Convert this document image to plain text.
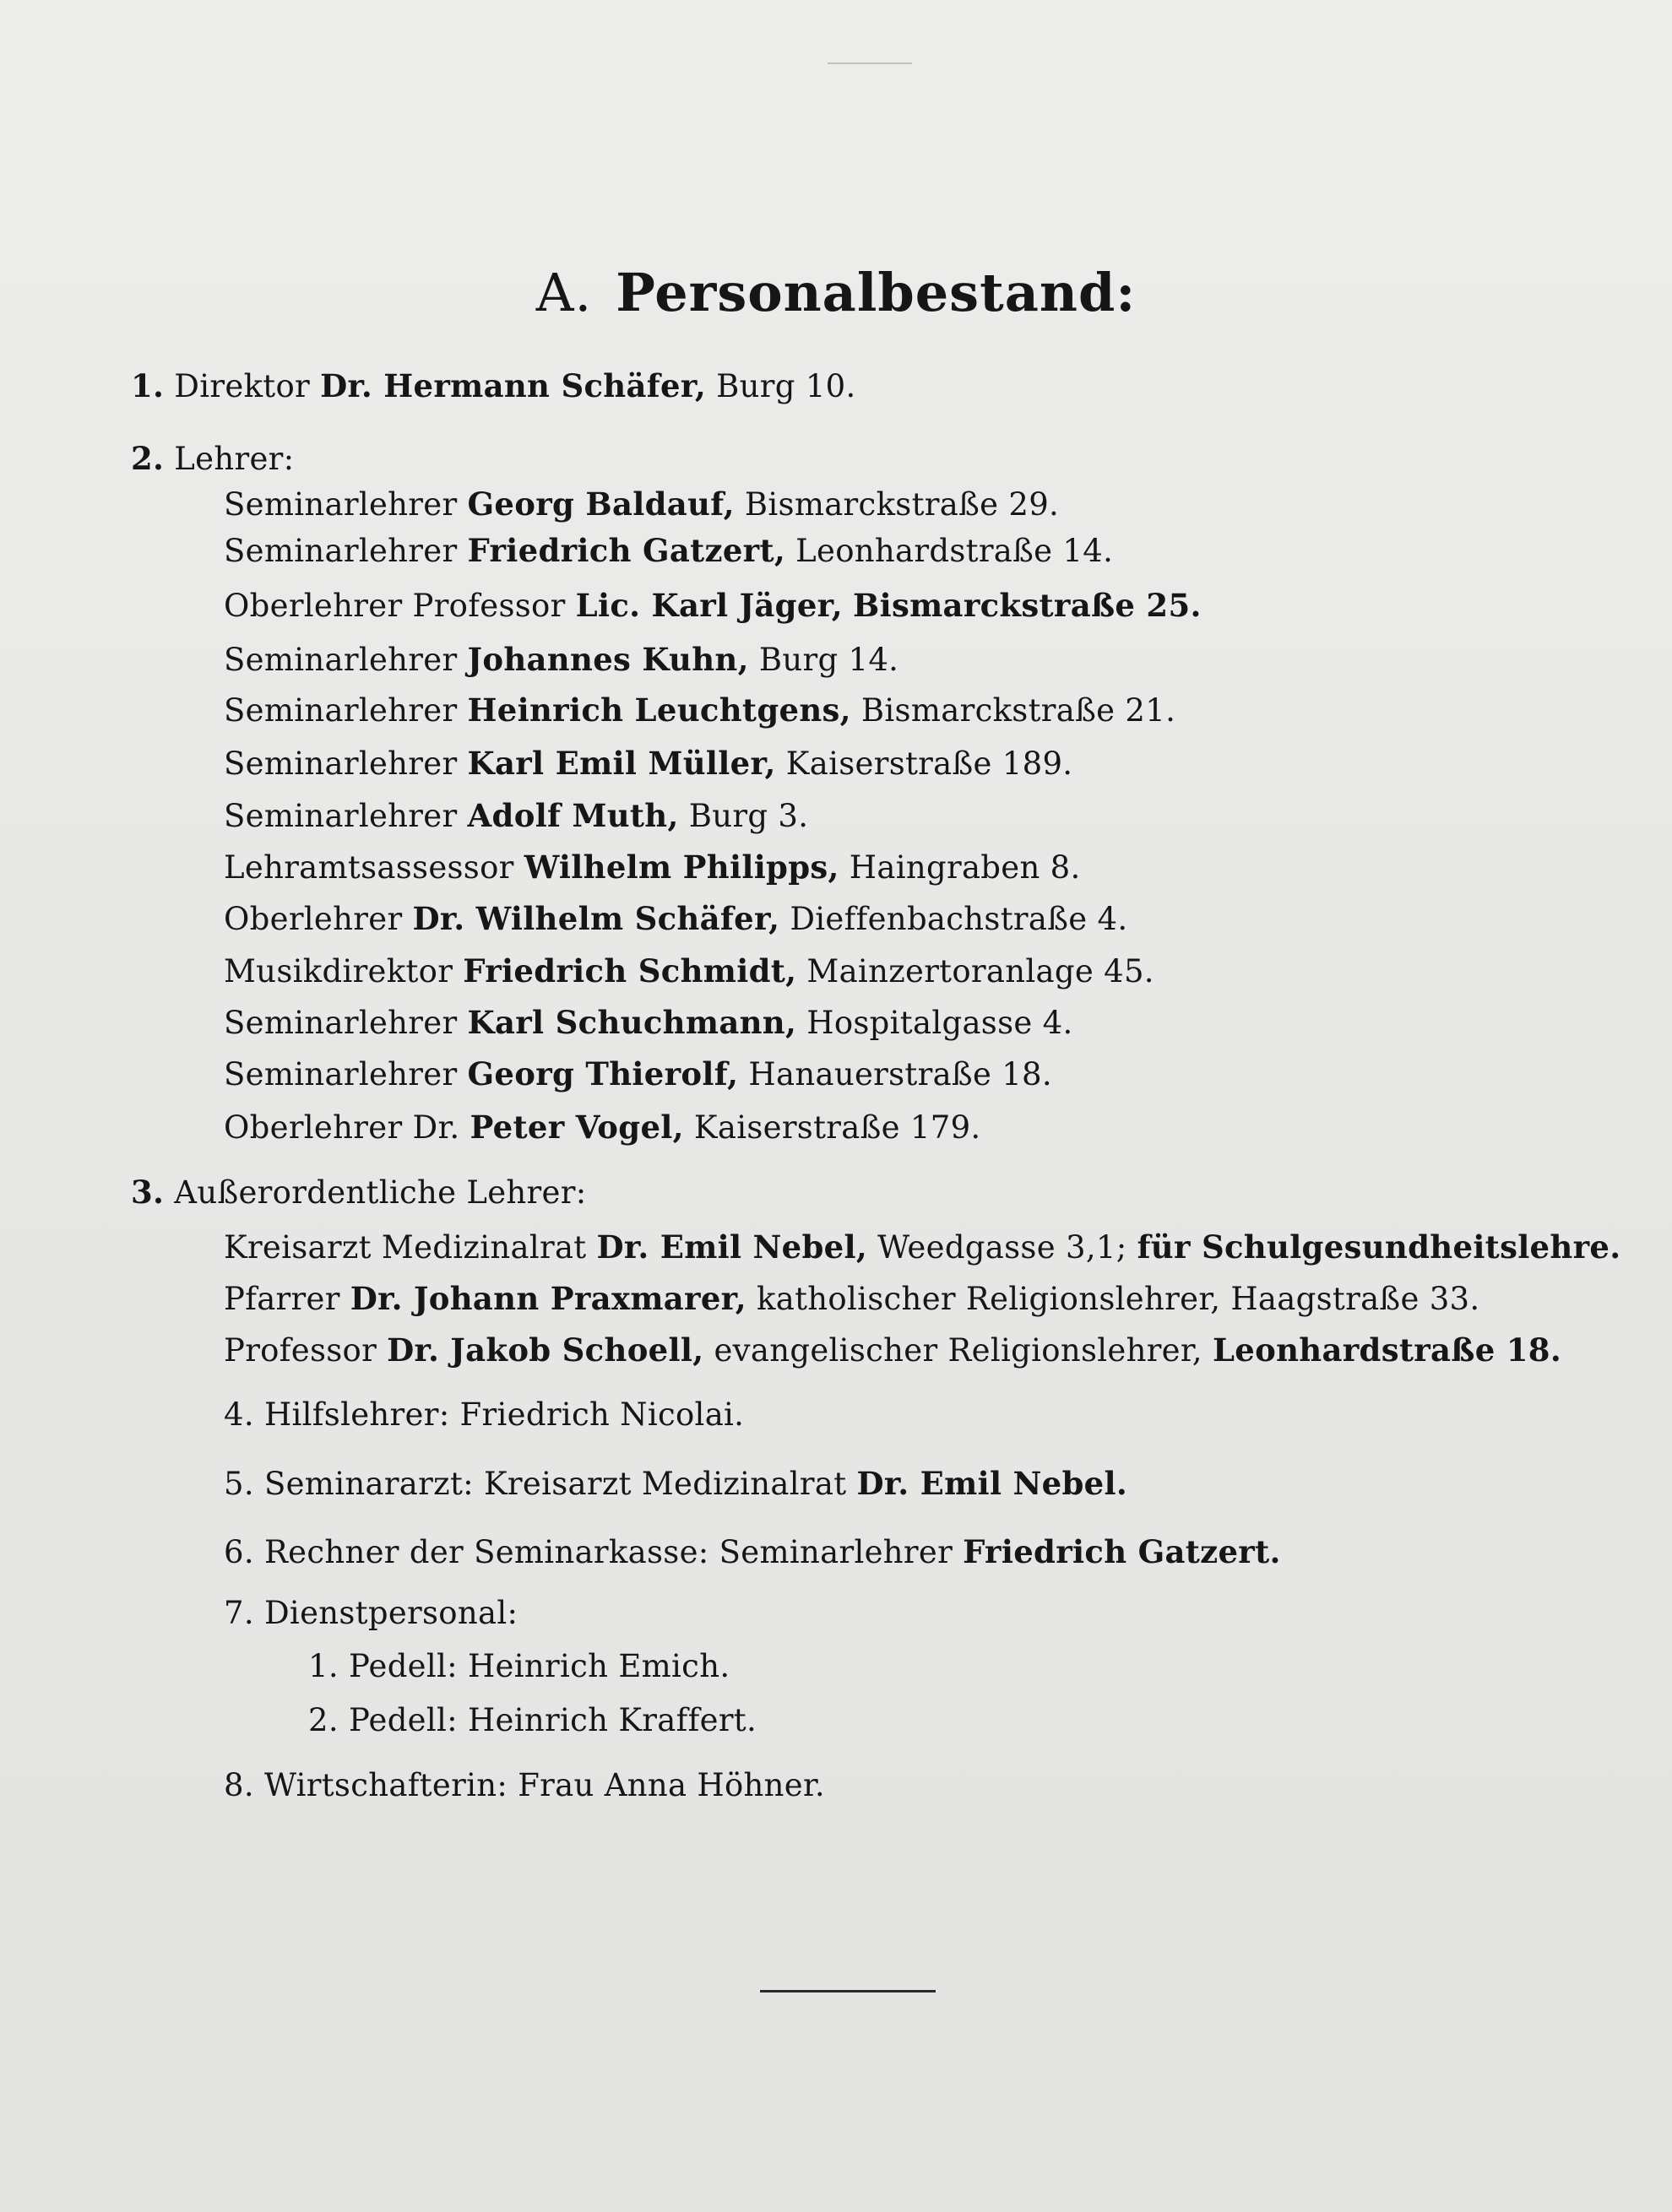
A. Personalbestand:
1. Direktor Dr. Hermann Schäfer, Burg 10.
2. Lehrer:
Seminarlehrer Georg Baldauf, Bismarckstraße 29.
Seminarlehrer Friedrich Gatzert, Leonhardstraße 14.
Oberlehrer Professor Lic. Karl Jäger, Bismarckstraße 25.
Seminarlehrer Johannes Kuhn, Burg 14.
Seminarlehrer Heinrich Leuchtgens, Bismarckstraße 21.
Seminarlehrer Karl Emil Müller, Kaiserstraße 189.
Seminarlehrer Adolf Muth, Burg 3.
Lehramtsassessor Wilhelm Philipps, Haingraben 8.
Oberlehrer Dr. Wilhelm Schäfer, Dieffenbachstraße 4.
Musikdirektor Friedrich Schmidt, Mainzertoranlage 45.
Seminarlehrer Karl Schuchmann, Hospitalgasse 4.
Seminarlehrer Georg Thierolf, Hanauerstraße 18.
Oberlehrer Dr. Peter Vogel, Kaiserstraße 179.
3. Außerordentliche Lehrer:
Kreisarzt Medizinalrat Dr. Emil Nebel, Weedgasse 3,1; für Schulgesundheitslehre.
Pfarrer Dr. Johann Praxmarer, katholischer Religionslehrer, Haagstraße 33.
Professor Dr. Jakob Schoell, evangelischer Religionslehrer, Leonhardstraße 18.
4. Hilfslehrer: Friedrich Nicolai.
5. Seminararzt: Kreisarzt Medizinalrat Dr. Emil Nebel.
6. Rechner der Seminarkasse: Seminarlehrer Friedrich Gatzert.
7. Dienstpersonal:
1. Pedell: Heinrich Emich.
2. Pedell: Heinrich Kraffert.
8. Wirtschafterin: Frau Anna Höhner.
